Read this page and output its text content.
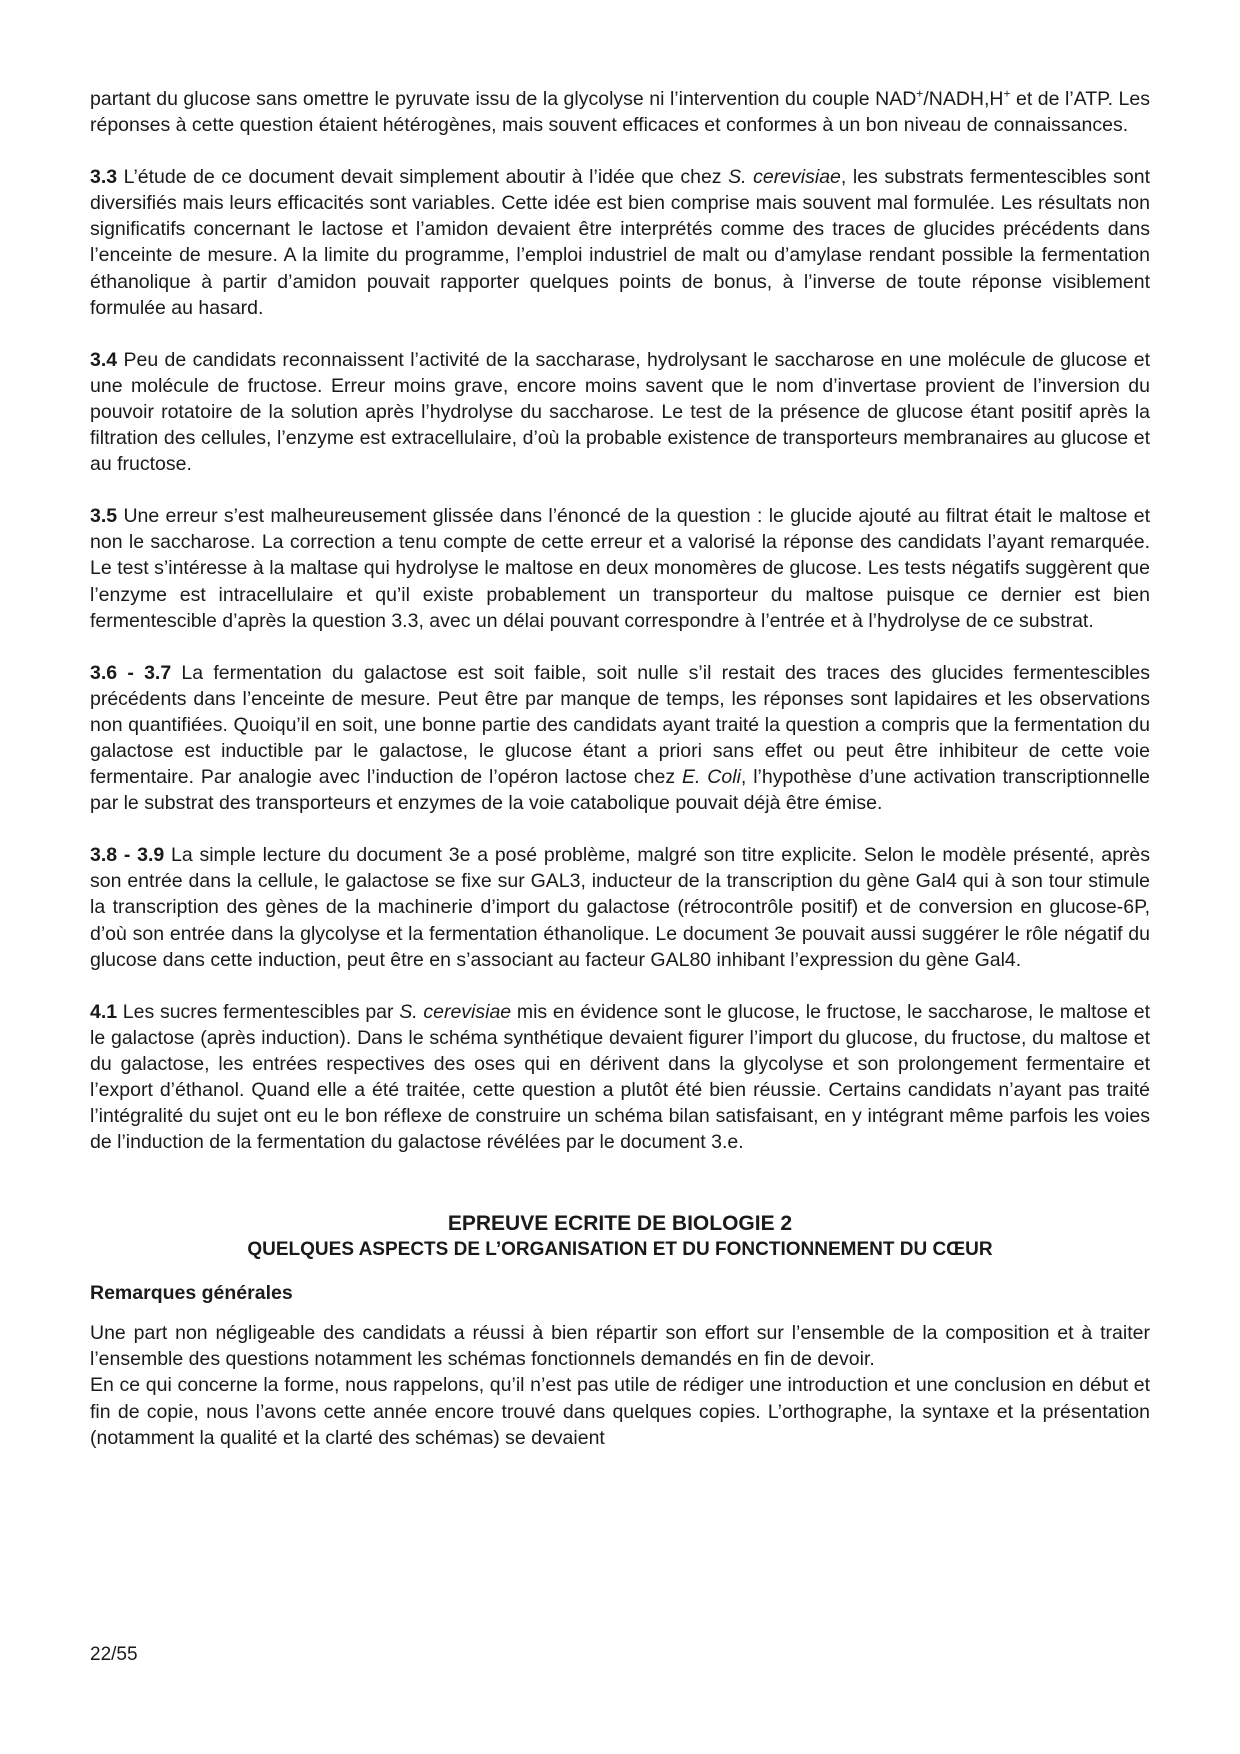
partant du glucose sans omettre le pyruvate issu de la glycolyse ni l’intervention du couple NAD+/NADH,H+ et de l’ATP. Les réponses à cette question étaient hétérogènes, mais souvent efficaces et conformes à un bon niveau de connaissances.

3.3 L’étude de ce document devait simplement aboutir à l’idée que chez S. cerevisiae, les substrats fermentescibles sont diversifiés mais leurs efficacités sont variables. Cette idée est bien comprise mais souvent mal formulée. Les résultats non significatifs concernant le lactose et l’amidon devaient être interprétés comme des traces de glucides précédents dans l’enceinte de mesure. A la limite du programme, l’emploi industriel de malt ou d’amylase rendant possible la fermentation éthanolique à partir d’amidon pouvait rapporter quelques points de bonus, à l’inverse de toute réponse visiblement formulée au hasard.

3.4 Peu de candidats reconnaissent l’activité de la saccharase, hydrolysant le saccharose en une molécule de glucose et une molécule de fructose. Erreur moins grave, encore moins savent que le nom d’invertase provient de l’inversion du pouvoir rotatoire de la solution après l’hydrolyse du saccharose. Le test de la présence de glucose étant positif après la filtration des cellules, l’enzyme est extracellulaire, d’où la probable existence de transporteurs membranaires au glucose et au fructose.

3.5 Une erreur s’est malheureusement glissée dans l’énoncé de la question : le glucide ajouté au filtrat était le maltose et non le saccharose. La correction a tenu compte de cette erreur et a valorisé la réponse des candidats l’ayant remarquée. Le test s’intéresse à la maltase qui hydrolyse le maltose en deux monomères de glucose. Les tests négatifs suggèrent que l’enzyme est intracellulaire et qu’il existe probablement un transporteur du maltose puisque ce dernier est bien fermentescible d’après la question 3.3, avec un délai pouvant correspondre à l’entrée et à l’hydrolyse de ce substrat.

3.6 - 3.7 La fermentation du galactose est soit faible, soit nulle s’il restait des traces des glucides fermentescibles précédents dans l’enceinte de mesure. Peut être par manque de temps, les réponses sont lapidaires et les observations non quantifiées. Quoiqu’il en soit, une bonne partie des candidats ayant traité la question a compris que la fermentation du galactose est inductible par le galactose, le glucose étant a priori sans effet ou peut être inhibiteur de cette voie fermentaire. Par analogie avec l’induction de l’opéron lactose chez E. Coli, l’hypothèse d’une activation transcriptionnelle par le substrat des transporteurs et enzymes de la voie catabolique pouvait déjà être émise.

3.8 - 3.9 La simple lecture du document 3e a posé problème, malgré son titre explicite. Selon le modèle présenté, après son entrée dans la cellule, le galactose se fixe sur GAL3, inducteur de la transcription du gène Gal4 qui à son tour stimule la transcription des gènes de la machinerie d’import du galactose (rétrocontrôle positif) et de conversion en glucose-6P, d’où son entrée dans la glycolyse et la fermentation éthanolique. Le document 3e pouvait aussi suggérer le rôle négatif du glucose dans cette induction, peut être en s’associant au facteur GAL80 inhibant l’expression du gène Gal4.

4.1 Les sucres fermentescibles par S. cerevisiae mis en évidence sont le glucose, le fructose, le saccharose, le maltose et le galactose (après induction). Dans le schéma synthétique devaient figurer l’import du glucose, du fructose, du maltose et du galactose, les entrées respectives des oses qui en dérivent dans la glycolyse et son prolongement fermentaire et l’export d’éthanol. Quand elle a été traitée, cette question a plutôt été bien réussie. Certains candidats n’ayant pas traité l’intégralité du sujet ont eu le bon réflexe de construire un schéma bilan satisfaisant, en y intégrant même parfois les voies de l’induction de la fermentation du galactose révélées par le document 3.e.

EPREUVE ECRITE DE BIOLOGIE 2
QUELQUES ASPECTS DE L’ORGANISATION ET DU FONCTIONNEMENT DU CŒUR
Remarques générales

Une part non négligeable des candidats a réussi à bien répartir son effort sur l’ensemble de la composition et à traiter l’ensemble des questions notamment les schémas fonctionnels demandés en fin de devoir.

En ce qui concerne la forme, nous rappelons, qu’il n’est pas utile de rédiger une introduction et une conclusion en début et fin de copie, nous l’avons cette année encore trouvé dans quelques copies. L’orthographe, la syntaxe et la présentation (notamment la qualité et la clarté des schémas) se devaient

22/55
